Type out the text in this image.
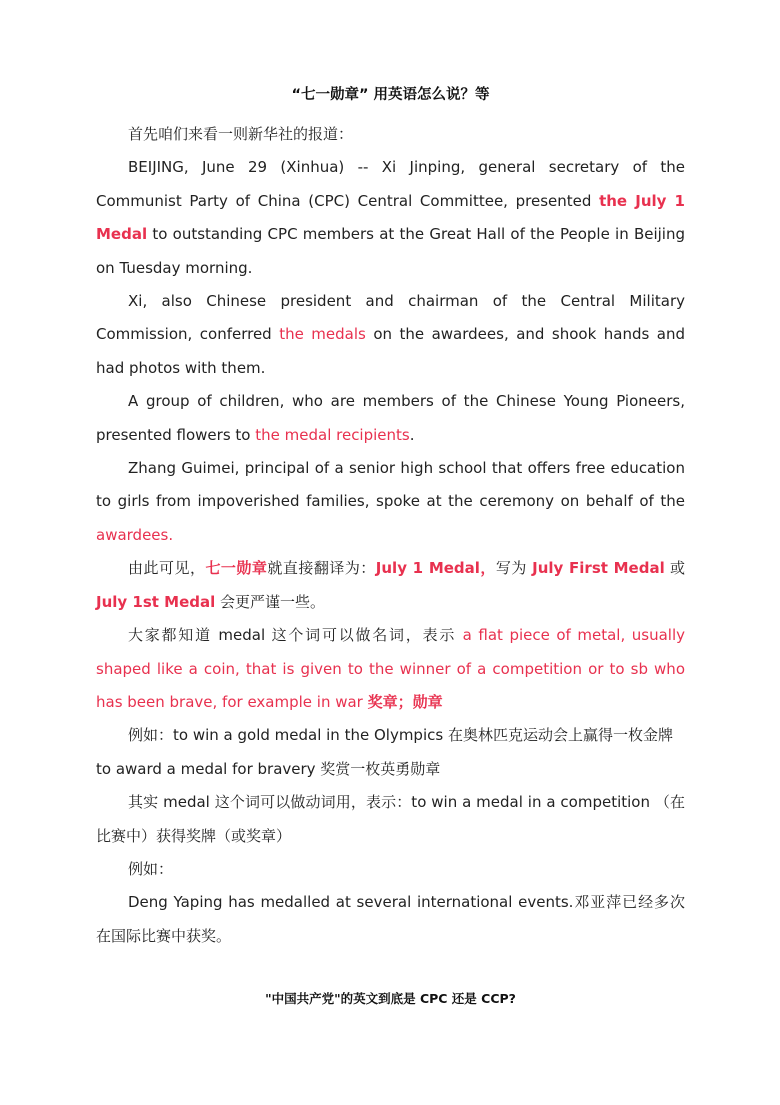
“七一勋章” 用英语怎么说？等

首先咱们来看一则新华社的报道：

BEIJING, June 29 (Xinhua) -- Xi Jinping, general secretary of the Communist Party of China (CPC) Central Committee, presented the July 1 Medal to outstanding CPC members at the Great Hall of the People in Beijing on Tuesday morning.

Xi, also Chinese president and chairman of the Central Military Commission, conferred the medals on the awardees, and shook hands and had photos with them.

A group of children, who are members of the Chinese Young Pioneers, presented flowers to the medal recipients.

Zhang Guimei, principal of a senior high school that offers free education to girls from impoverished families, spoke at the ceremony on behalf of the awardees.

由此可见，七一勋章就直接翻译为：July 1 Medal，写为 July First Medal 或 July 1st Medal 会更严谨一些。

大家都知道 medal 这个词可以做名词，表示 a flat piece of metal, usually shaped like a coin, that is given to the winner of a competition or to sb who has been brave, for example in war 奖章；勋章

例如：to win a gold medal in the Olympics 在奥林匹克运动会上赢得一枚金牌

to award a medal for bravery 奖赏一枚英勇勋章

其实 medal 这个词可以做动词用，表示：to win a medal in a competition （在比赛中）获得奖牌（或奖章）

例如：

Deng Yaping has medalled at several international events.邓亚萍已经多次在国际比赛中获奖。

"中国共产党"的英文到底是 CPC 还是 CCP?
